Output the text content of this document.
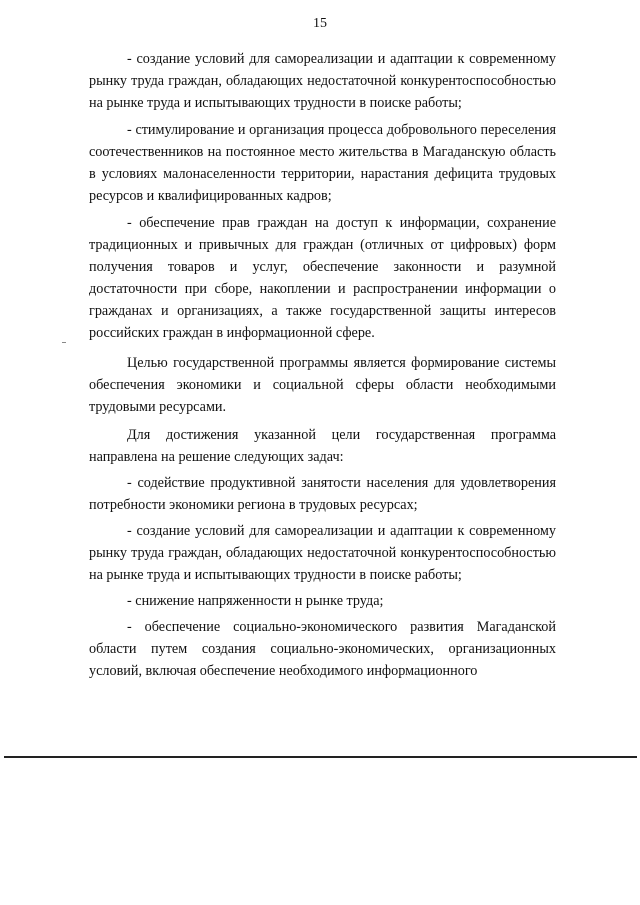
15

- создание условий для самореализации и адаптации к современному рынку труда граждан, обладающих недостаточной конкурентоспособностью на рынке труда и испытывающих трудности в поиске работы;

- стимулирование и организация процесса добровольного переселения соотечественников на постоянное место жительства в Магаданскую область в условиях малонаселенности территории, нарастания дефицита трудовых ресурсов и квалифицированных кадров;

- обеспечение прав граждан на доступ к информации, сохранение традиционных и привычных для граждан (отличных от цифровых) форм получения товаров и услуг, обеспечение законности и разумной достаточности при сборе, накоплении и распространении информации о гражданах и организациях, а также государственной защиты интересов российских граждан в информационной сфере.

Целью государственной программы является формирование системы обеспечения экономики и социальной сферы области необходимыми трудовыми ресурсами.

Для достижения указанной цели государственная программа направлена на решение следующих задач:

- содействие продуктивной занятости населения для удовлетворения потребности экономики региона в трудовых ресурсах;

- создание условий для самореализации и адаптации к современному рынку труда граждан, обладающих недостаточной конкурентоспособностью на рынке труда и испытывающих трудности в поиске работы;

- снижение напряженности н рынке труда;

- обеспечение социально-экономического развития Магаданской области путем создания социально-экономических, организационных условий, включая обеспечение необходимого информационного
